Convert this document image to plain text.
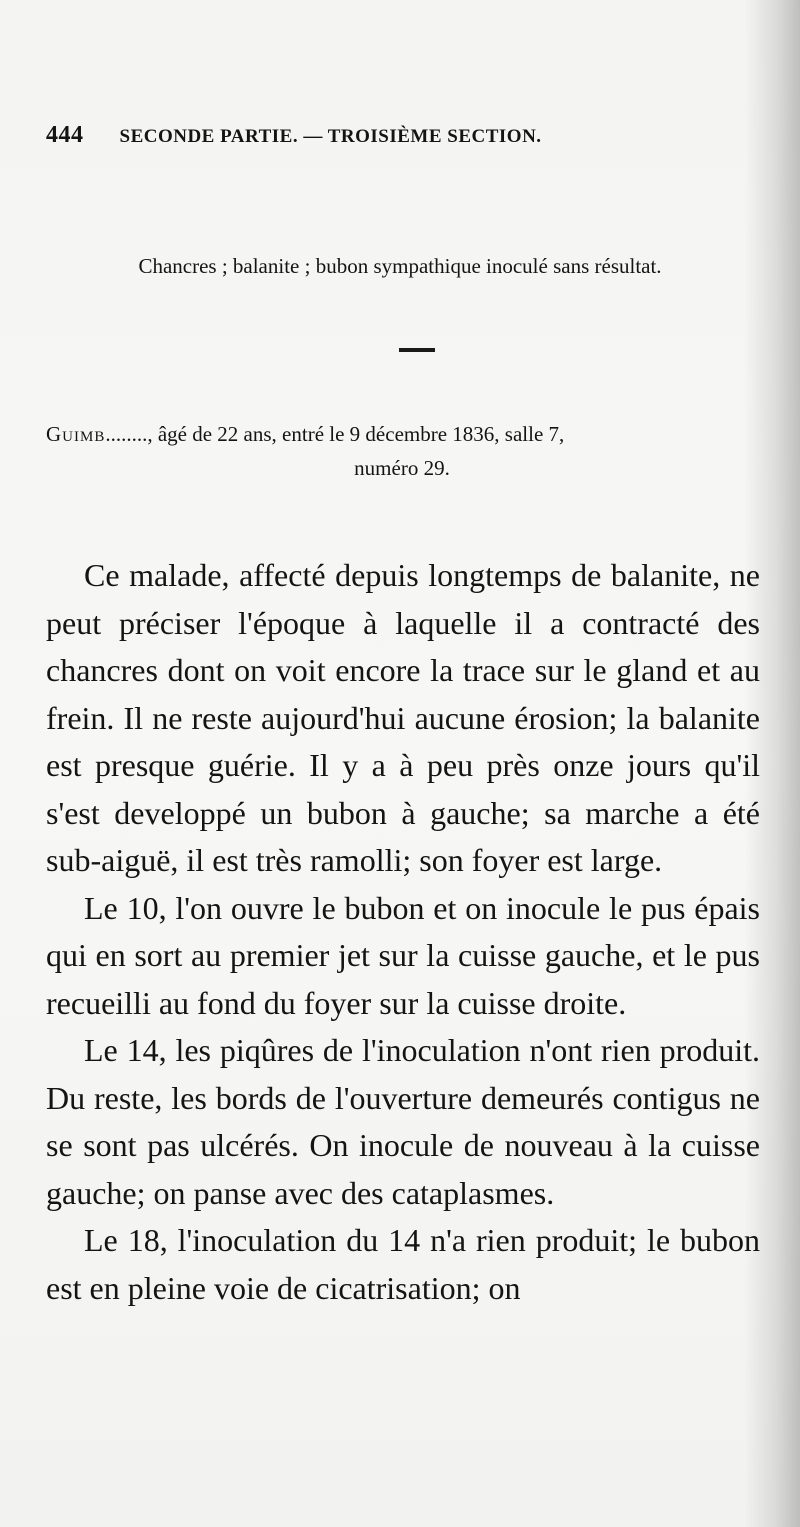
444 SECONDE PARTIE. — TROISIÈME SECTION.
Chancres ; balanite ; bubon sympathique inoculé sans résultat.
Guimb........, âgé de 22 ans, entré le 9 décembre 1836, salle 7,
numéro 29.

Ce malade, affecté depuis longtemps de balanite, ne peut préciser l'époque à laquelle il a contracté des chancres dont on voit encore la trace sur le gland et au frein. Il ne reste aujourd'hui aucune érosion; la balanite est presque guérie. Il y a à peu près onze jours qu'il s'est developpé un bubon à gauche; sa marche a été sub-aiguë, il est très ramolli; son foyer est large.

Le 10, l'on ouvre le bubon et on inocule le pus épais qui en sort au premier jet sur la cuisse gauche, et le pus recueilli au fond du foyer sur la cuisse droite.

Le 14, les piqûres de l'inoculation n'ont rien produit. Du reste, les bords de l'ouverture demeurés contigus ne se sont pas ulcérés. On inocule de nouveau à la cuisse gauche; on panse avec des cataplasmes.

Le 18, l'inoculation du 14 n'a rien produit; le bubon est en pleine voie de cicatrisation; on
